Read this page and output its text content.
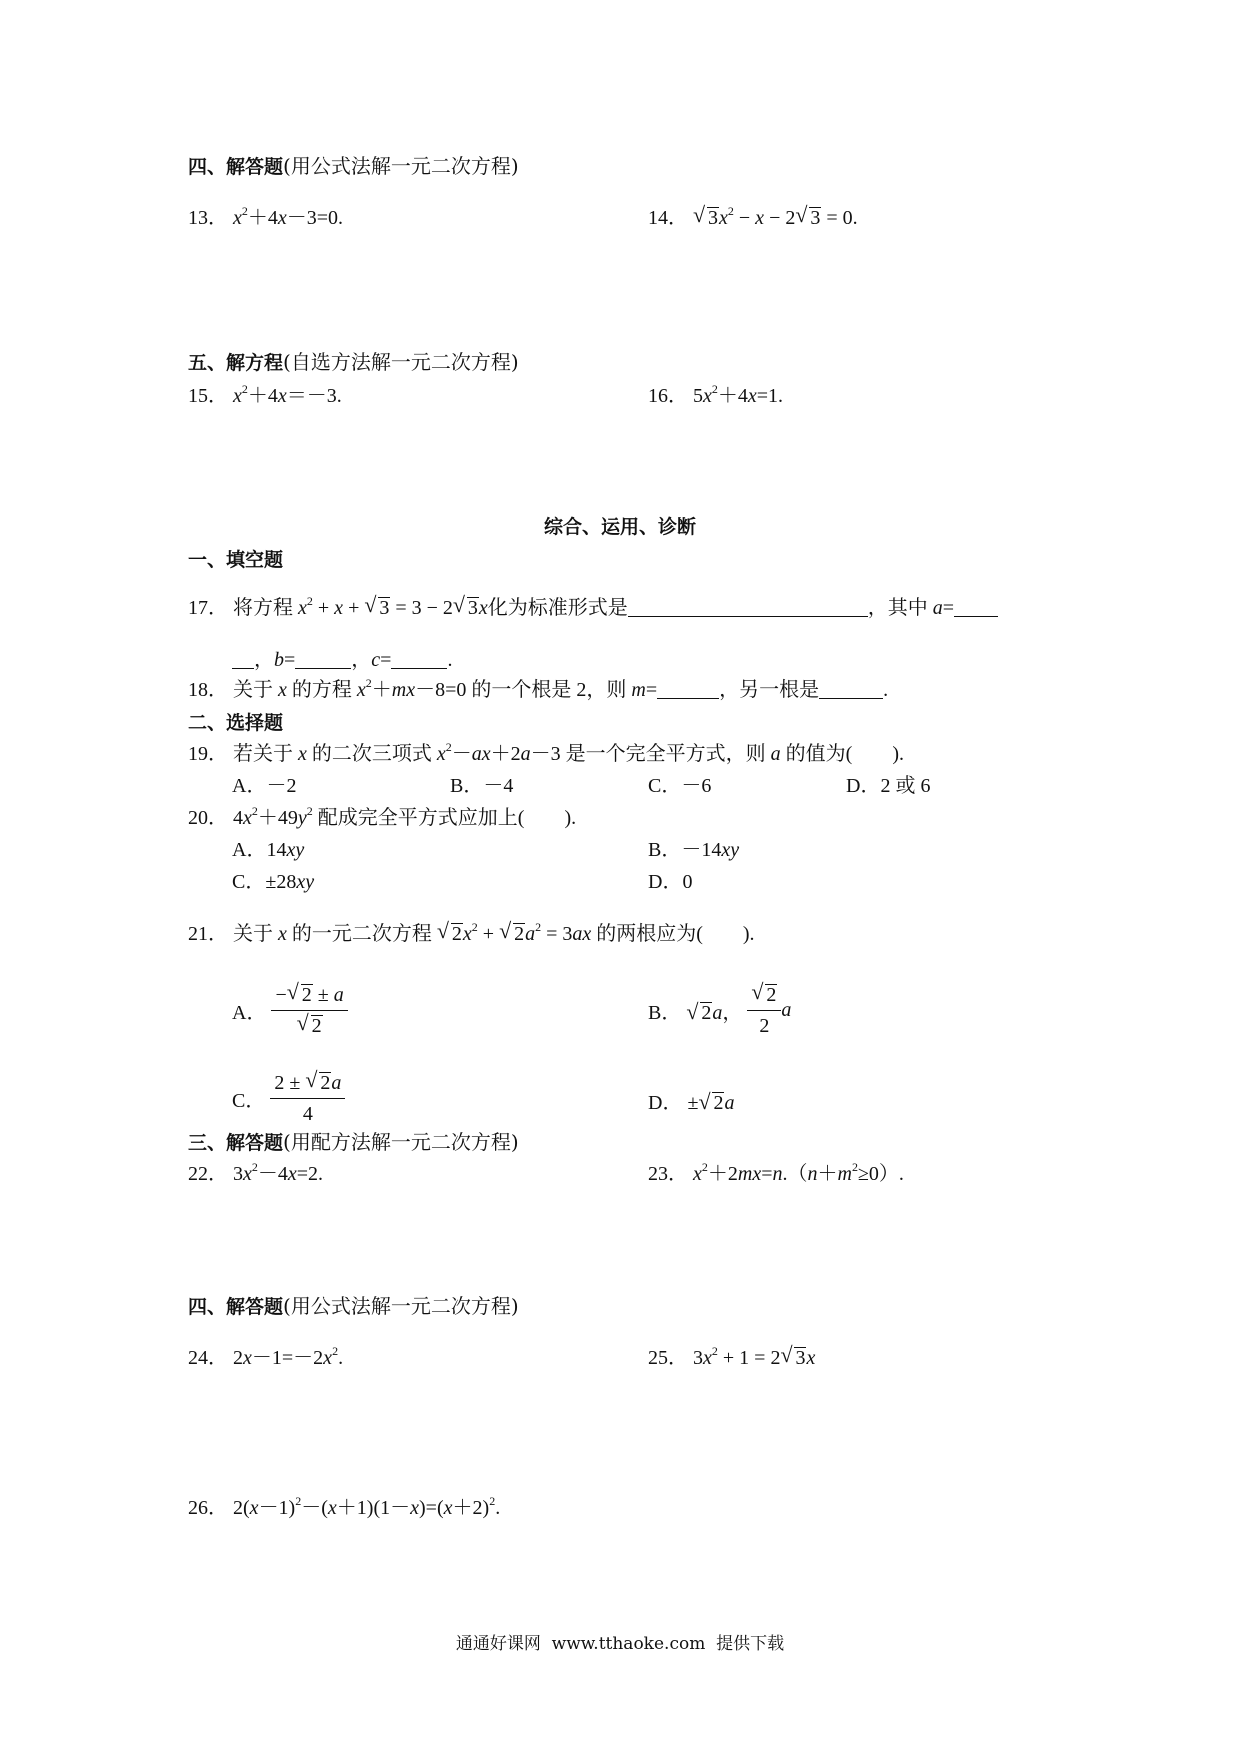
四、解答题(用公式法解一元二次方程)
13． $x^2+4x-3=0$.	14． √ $3x^2 - x - 2√$ 3 = 0.
五、解方程(自选方法解一元二次方程)
15． $x^2+4x=-3$.	16． $5x^2+4x=1$.
综合、运用、诊断
一、填空题
17． 将方程 $x^2 + x$ + √ 3 = 3 − 2√ 3x化为标准形式是	，其中 a=
，b=	，c=	.
18． 关于 x 的方程 $x^2+mx-8=0$ 的一个根是 2，则 m=	，另一根是	.
二、选择题
19． 若关于 x 的二次三项式 $x^2-ax+2a-3$ 是一个完全平方式，则 a 的值为(　　).
A．－2	B．－4	C．－6	D．2 或 6
20． $4x^2+49y^2$ 配成完全平方式应加上(　　).
A．14xy	B．－14xy
C．±28xy	D．0
21． 关于 x 的一元二次方程 √ $2x^2$ + √ $2a^2 = 3ax$ 的两根应为(　　).
A． −√ 2 ± a
√ 2	B． √ 2a，
√ $\frac{2}{2}$ a
C． $\frac{2 \pm √ 2a}{4}$	D． ±√ 2a
三、解答题(用配方法解一元二次方程)
22． $3x^2-4x=2$.	23． $x^2+2mx=n.(n+m^2\ge 0)$.
四、解答题(用公式法解一元二次方程)
24． $2x-1=-2x^2$.	25． $3x^2 + 1 = 2√$ 3x
26． $2(x-1)^2-(x+1)(1-x)=(x+2)^2$.
通通好课网 www.tthaoke.com 提供下载
